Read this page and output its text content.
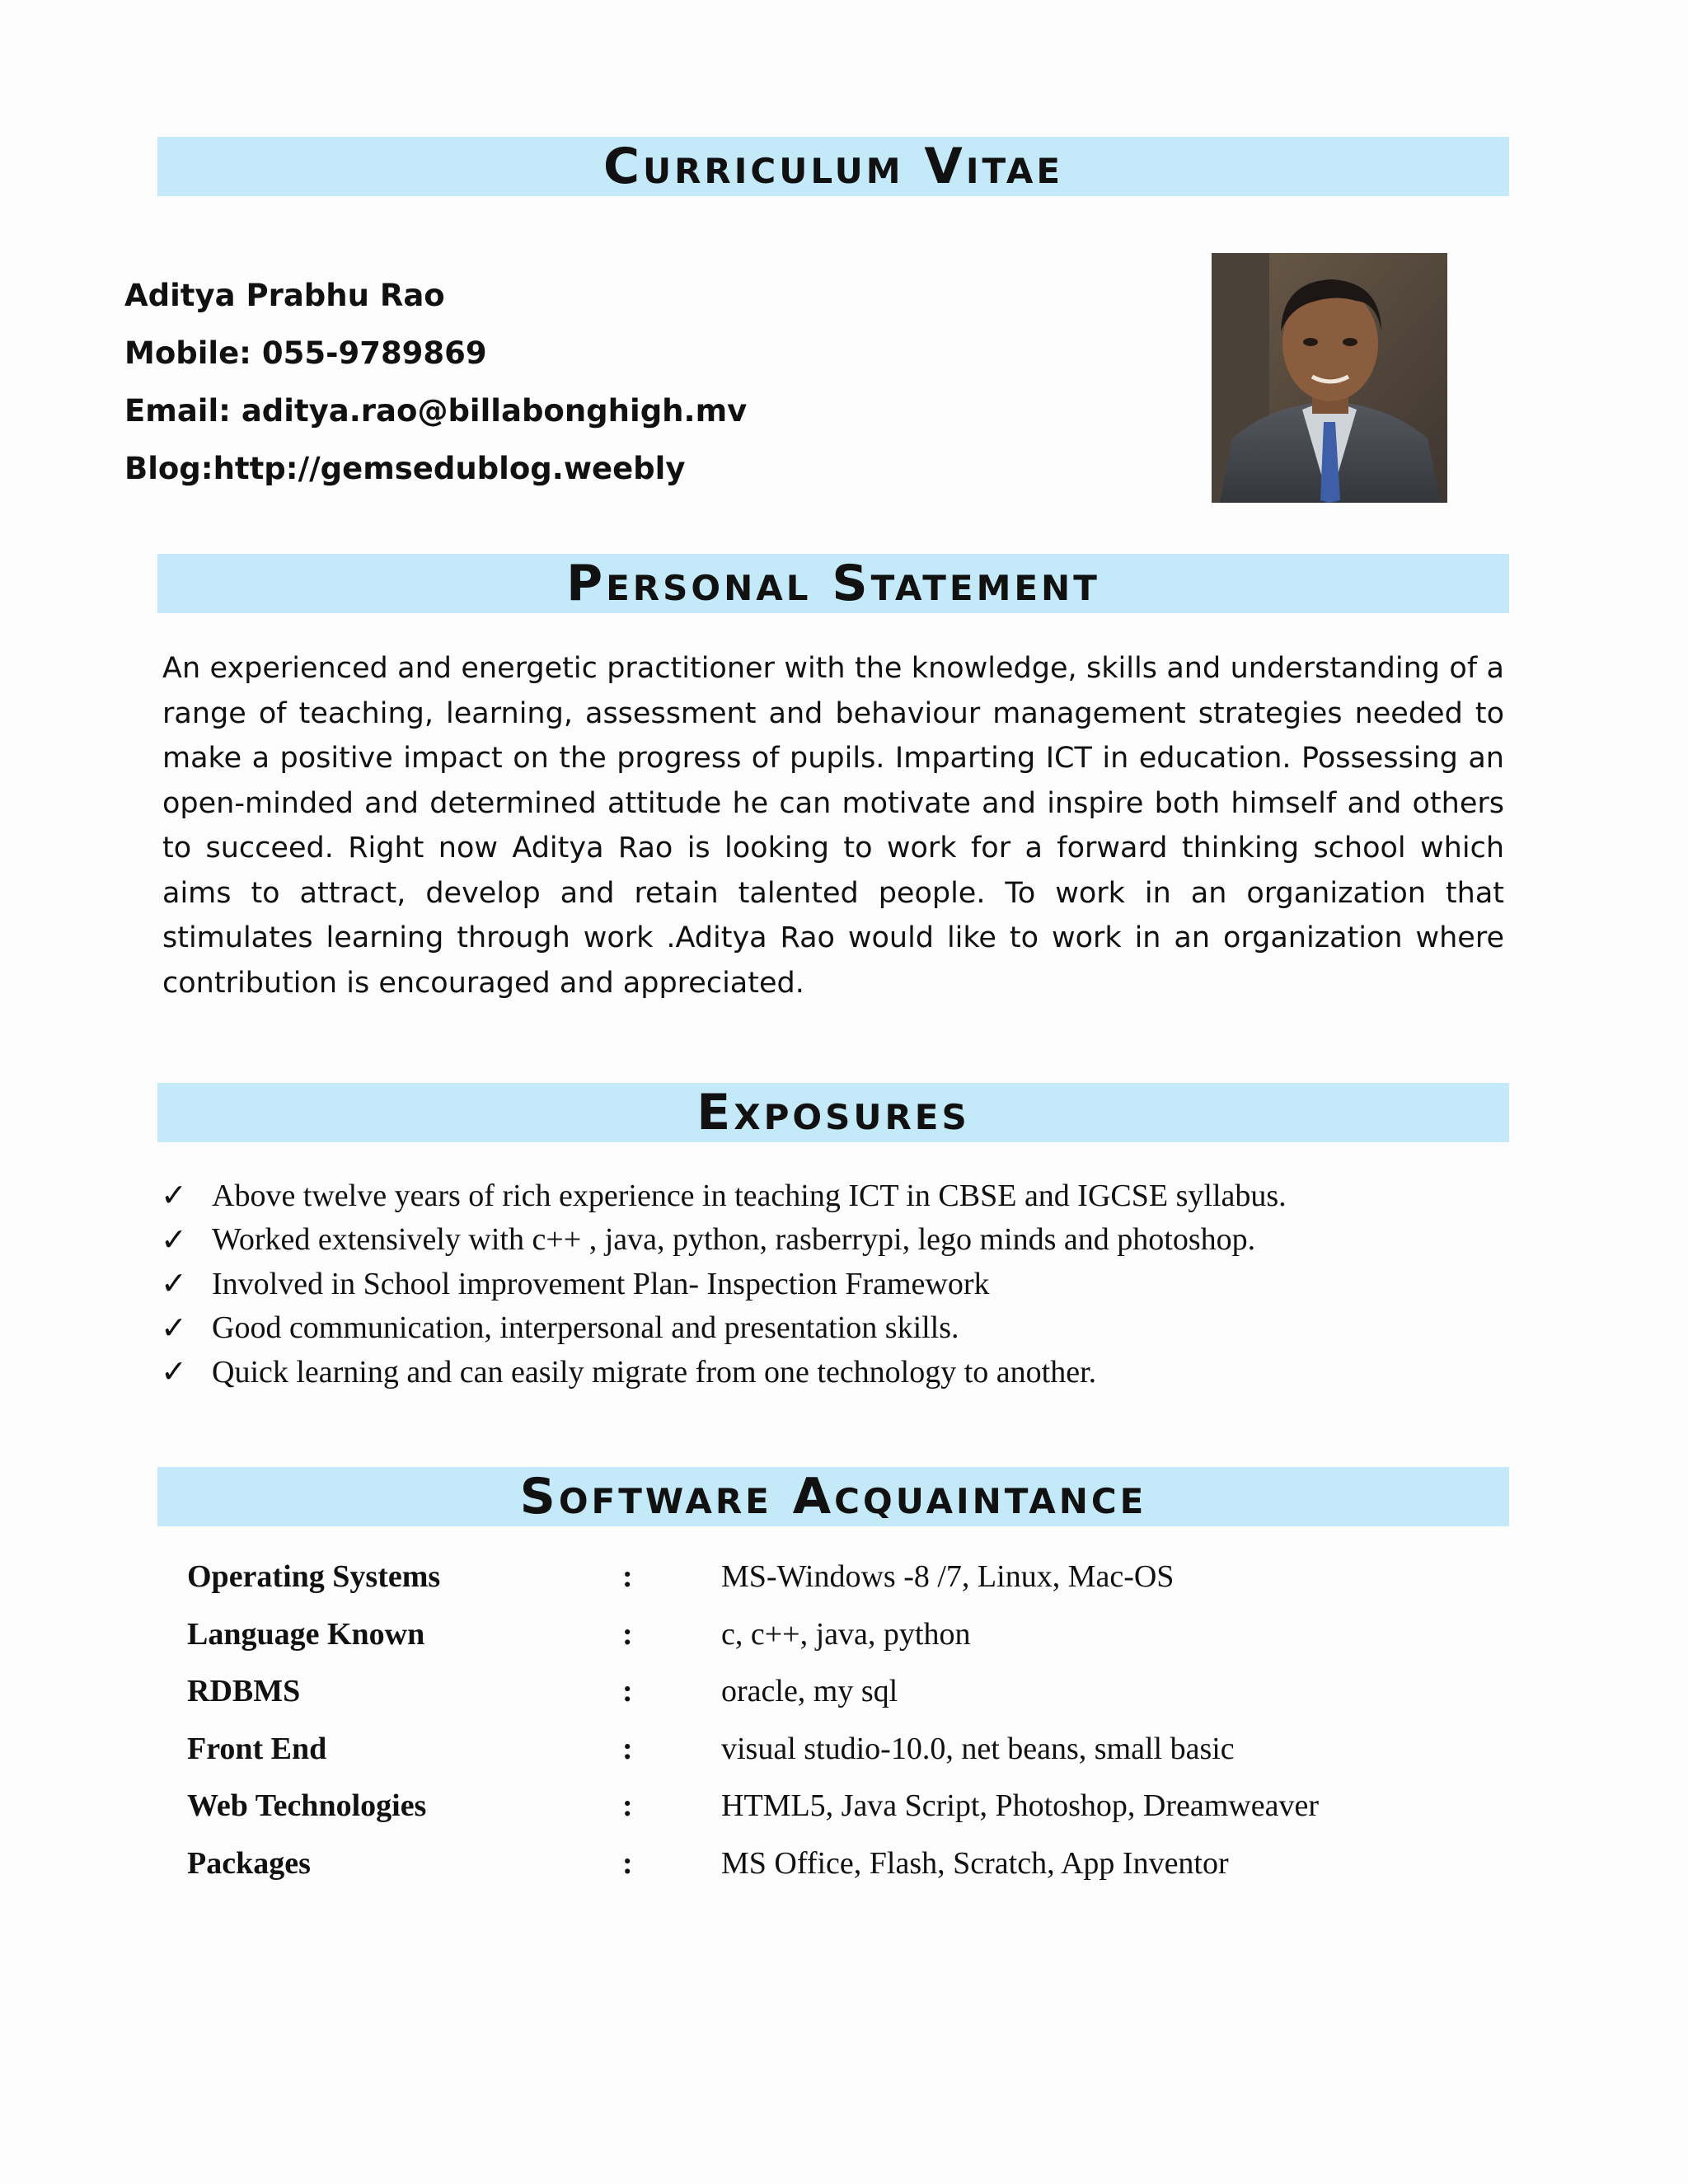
Curriculum Vitae
Aditya Prabhu Rao
Mobile: 055-9789869
Email: aditya.rao@billabonghigh.mv
Blog:http://gemsedublog.weebly
Personal Statement

An experienced and energetic practitioner with the knowledge, skills and understanding of a range of teaching, learning, assessment and behaviour management strategies needed to make a positive impact on the progress of pupils. Imparting ICT in education. Possessing an open-minded and determined attitude he can motivate and inspire both himself and others to succeed. Right now Aditya Rao is looking to work for a forward thinking school which aims to attract, develop and retain talented people. To work in an organization that stimulates learning through work .Aditya Rao would like to work in an organization where contribution is encouraged and appreciated.

Exposures
✓ Above twelve years of rich experience in teaching ICT in CBSE and IGCSE syllabus.
✓ Worked extensively with c++ , java, python, rasberrypi, lego minds and photoshop.
✓ Involved in School improvement Plan- Inspection Framework
✓ Good communication, interpersonal and presentation skills.
✓ Quick learning and can easily migrate from one technology to another.
Software Acquaintance
Operating Systems	:	MS-Windows -8 /7, Linux, Mac-OS
Language Known	:	c, c++, java, python
RDBMS	:	oracle, my sql
Front End	:	visual studio-10.0, net beans, small basic
Web Technologies	:	HTML5, Java Script, Photoshop, Dreamweaver
Packages	:	MS Office, Flash, Scratch, App Inventor
